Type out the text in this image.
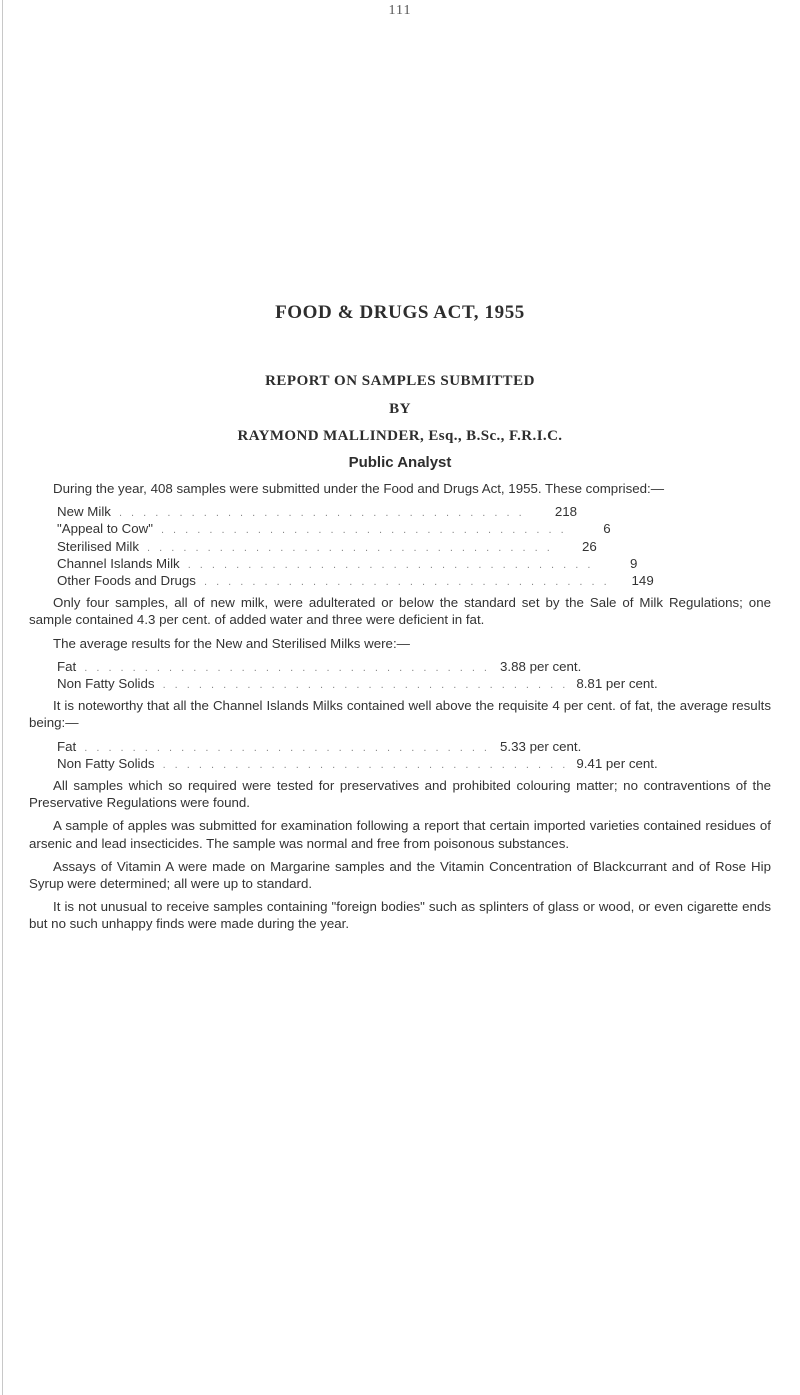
111
FOOD & DRUGS ACT, 1955
REPORT ON SAMPLES SUBMITTED
BY
RAYMOND MALLINDER, Esq., B.Sc., F.R.I.C.
Public Analyst

During the year, 408 samples were submitted under the Food and Drugs Act, 1955. These comprised:—

New Milk . . . . . . . . . . . . . . . . . . . . . . . . . . . . . . . . . .	218
"Appeal to Cow" . . . . . . . . . . . . . . . . . . . . . . . . . . . . . . . . . .	6
Sterilised Milk . . . . . . . . . . . . . . . . . . . . . . . . . . . . . . . . . .	26
Channel Islands Milk . . . . . . . . . . . . . . . . . . . . . . . . . . . . . . . . . .	9
Other Foods and Drugs . . . . . . . . . . . . . . . . . . . . . . . . . . . . . . . . . .	149

Only four samples, all of new milk, were adulterated or below the standard set by the Sale of Milk Regulations; one sample contained 4.3 per cent. of added water and three were deficient in fat.

The average results for the New and Sterilised Milks were:—

Fat . . . . . . . . . . . . . . . . . . . . . . . . . . . . . . . . . . 3.88 per cent.
Non Fatty Solids . . . . . . . . . . . . . . . . . . . . . . . . . . . . . . . . . . 8.81 per cent.

It is noteworthy that all the Channel Islands Milks contained well above the requisite 4 per cent. of fat, the average results being:—

Fat . . . . . . . . . . . . . . . . . . . . . . . . . . . . . . . . . . 5.33 per cent.
Non Fatty Solids . . . . . . . . . . . . . . . . . . . . . . . . . . . . . . . . . . 9.41 per cent.

All samples which so required were tested for preservatives and prohibited colouring matter; no contraventions of the Preservative Regulations were found.

A sample of apples was submitted for examination following a report that certain imported varieties contained residues of arsenic and lead insecticides. The sample was normal and free from poisonous substances.

Assays of Vitamin A were made on Margarine samples and the Vitamin Concentration of Blackcurrant and of Rose Hip Syrup were determined; all were up to standard.

It is not unusual to receive samples containing "foreign bodies" such as splinters of glass or wood, or even cigarette ends but no such unhappy finds were made during the year.
